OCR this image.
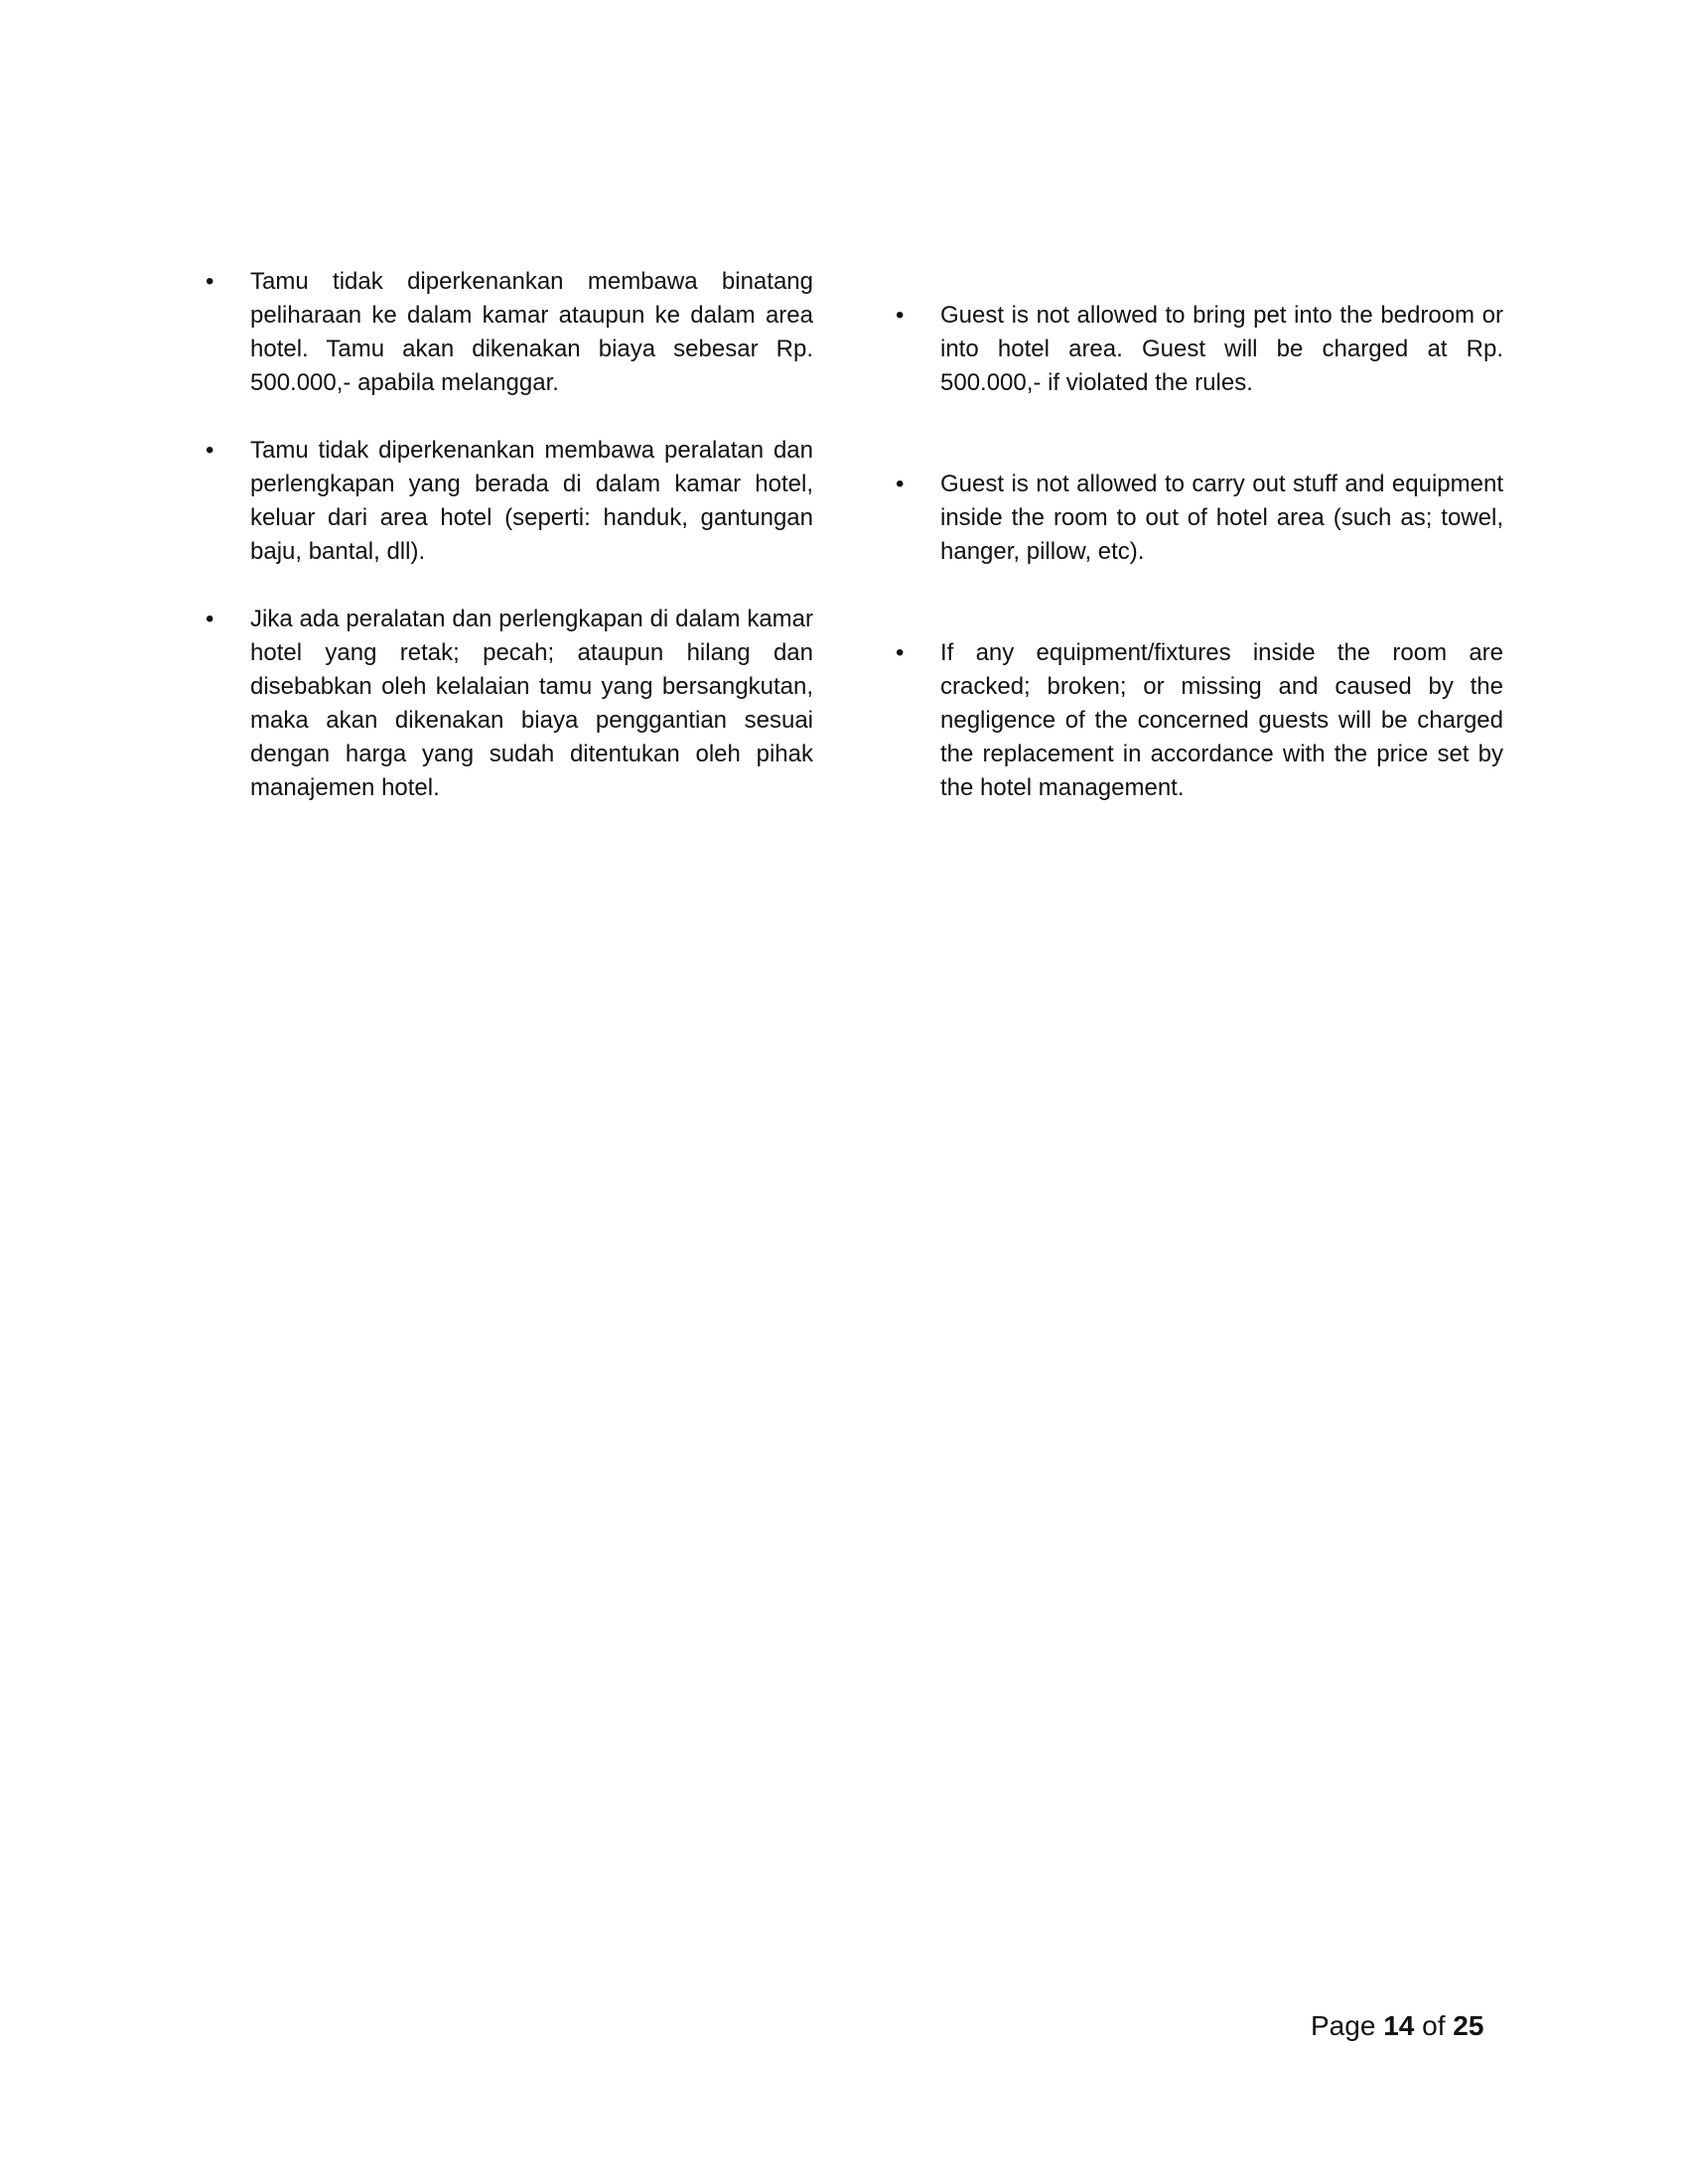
•	Tamu tidak diperkenankan membawa binatang peliharaan ke dalam kamar ataupun ke dalam area hotel. Tamu akan dikenakan biaya sebesar Rp. 500.000,- apabila melanggar.
•	Tamu tidak diperkenankan membawa peralatan dan perlengkapan yang berada di dalam kamar hotel, keluar dari area hotel (seperti: handuk, gantungan baju, bantal, dll).
•	Jika ada peralatan dan perlengkapan di dalam kamar hotel yang retak; pecah; ataupun hilang dan disebabkan oleh kelalaian tamu yang bersangkutan, maka akan dikenakan biaya penggantian sesuai dengan harga yang sudah ditentukan oleh pihak manajemen hotel.
•	Guest is not allowed to bring pet into the bedroom or into hotel area. Guest will be charged at Rp. 500.000,- if violated the rules.
•	Guest is not allowed to carry out stuff and equipment inside the room to out of hotel area (such as; towel, hanger, pillow, etc).
•	If any equipment/fixtures inside the room are cracked; broken; or missing and caused by the negligence of the concerned guests will be charged the replacement in accordance with the price set by the hotel management.
Page 14 of 25
